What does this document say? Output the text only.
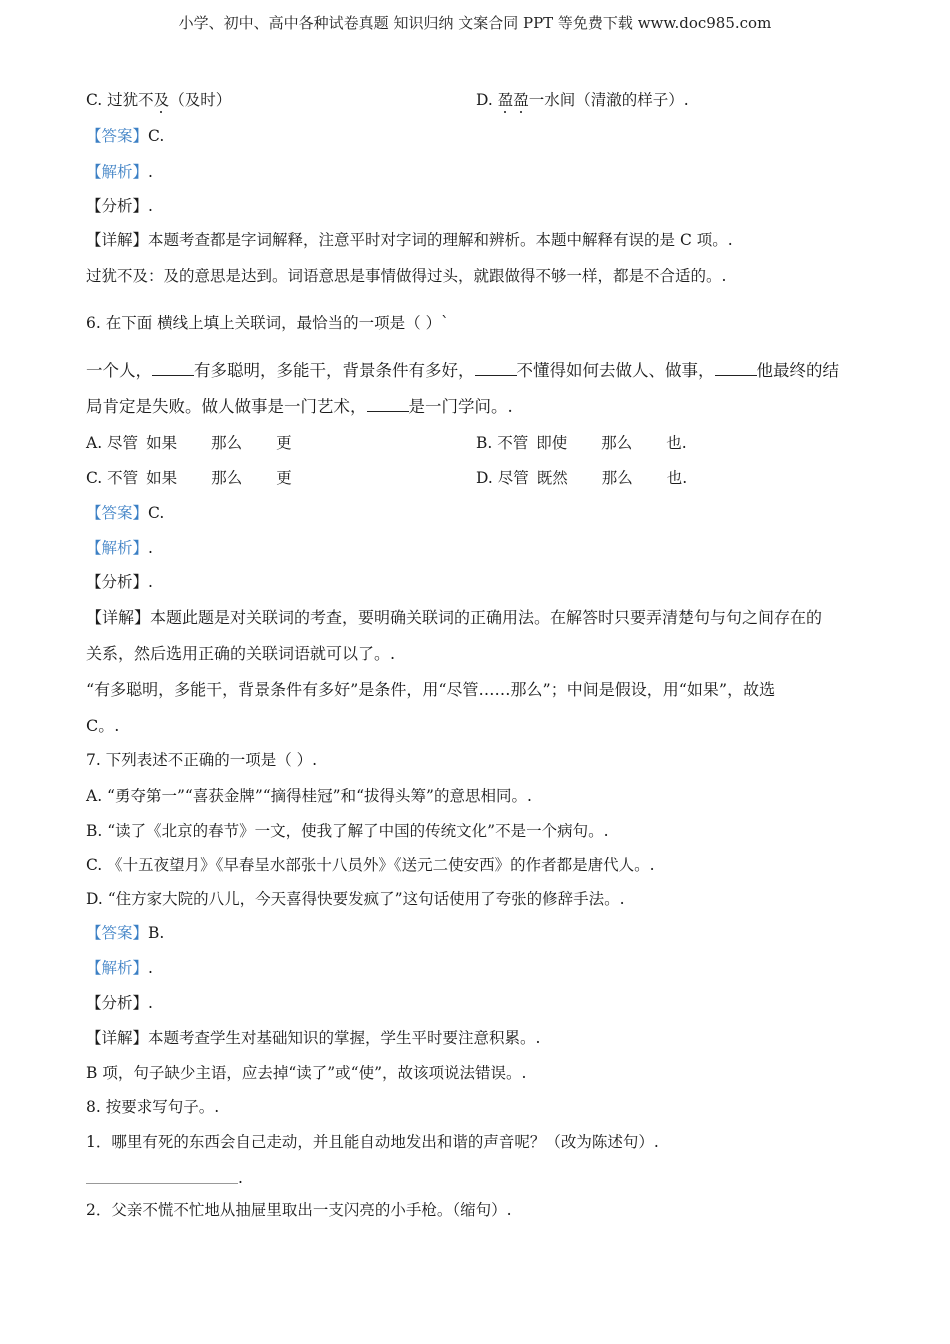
小学、初中、高中各种试卷真题 知识归纳 文案合同 PPT 等免费下载 www.doc985.com
C. 过犹不及（及时）	D. 盈盈一水间（清澈的样子）.
【答案】C.
【解析】.
【分析】.
【详解】本题考查都是字词解释，注意平时对字词的理解和辨析。本题中解释有误的是 C 项。.
过犹不及：及的意思是达到。词语意思是事情做得过头，就跟做得不够一样，都是不合适的。.
6. 在下面 横线上填上关联词，最恰当的一项是（ ）`
一个人，	有多聪明，多能干，背景条件有多好，	不懂得如何去做人、做事，	他最终的结
局肯定是失败。做人做事是一门艺术，	是一门学问。.
A. 尽管 如果 那么 更	B. 不管 即使 那么 也.
C. 不管 如果 那么 更	D. 尽管 既然 那么 也.
【答案】C.
【解析】.
【分析】.
【详解】本题此题是对关联词的考查，要明确关联词的正确用法。在解答时只要弄清楚句与句之间存在的
关系，然后选用正确的关联词语就可以了。.
“有多聪明，多能干，背景条件有多好”是条件，用“尽管……那么”；中间是假设，用“如果”，故选
C。.
7. 下列表述不正确的一项是（ ）.
A. “勇夺第一”“喜获金牌”“摘得桂冠”和“拔得头筹”的意思相同。.
B. “读了《北京的春节》一文，使我了解了中国的传统文化”不是一个病句。.
C. 《十五夜望月》《早春呈水部张十八员外》《送元二使安西》的作者都是唐代人。.
D. “住方家大院的八儿，今天喜得快要发疯了”这句话使用了夸张的修辞手法。.
【答案】B.
【解析】.
【分析】.
【详解】本题考查学生对基础知识的掌握，学生平时要注意积累。.
B 项，句子缺少主语，应去掉“读了”或“使”，故该项说法错误。.
8. 按要求写句子。.
1．哪里有死的东西会自己走动，并且能自动地发出和谐的声音呢？（改为陈述句）.
.
2．父亲不慌不忙地从抽屉里取出一支闪亮的小手枪。（缩句）.
